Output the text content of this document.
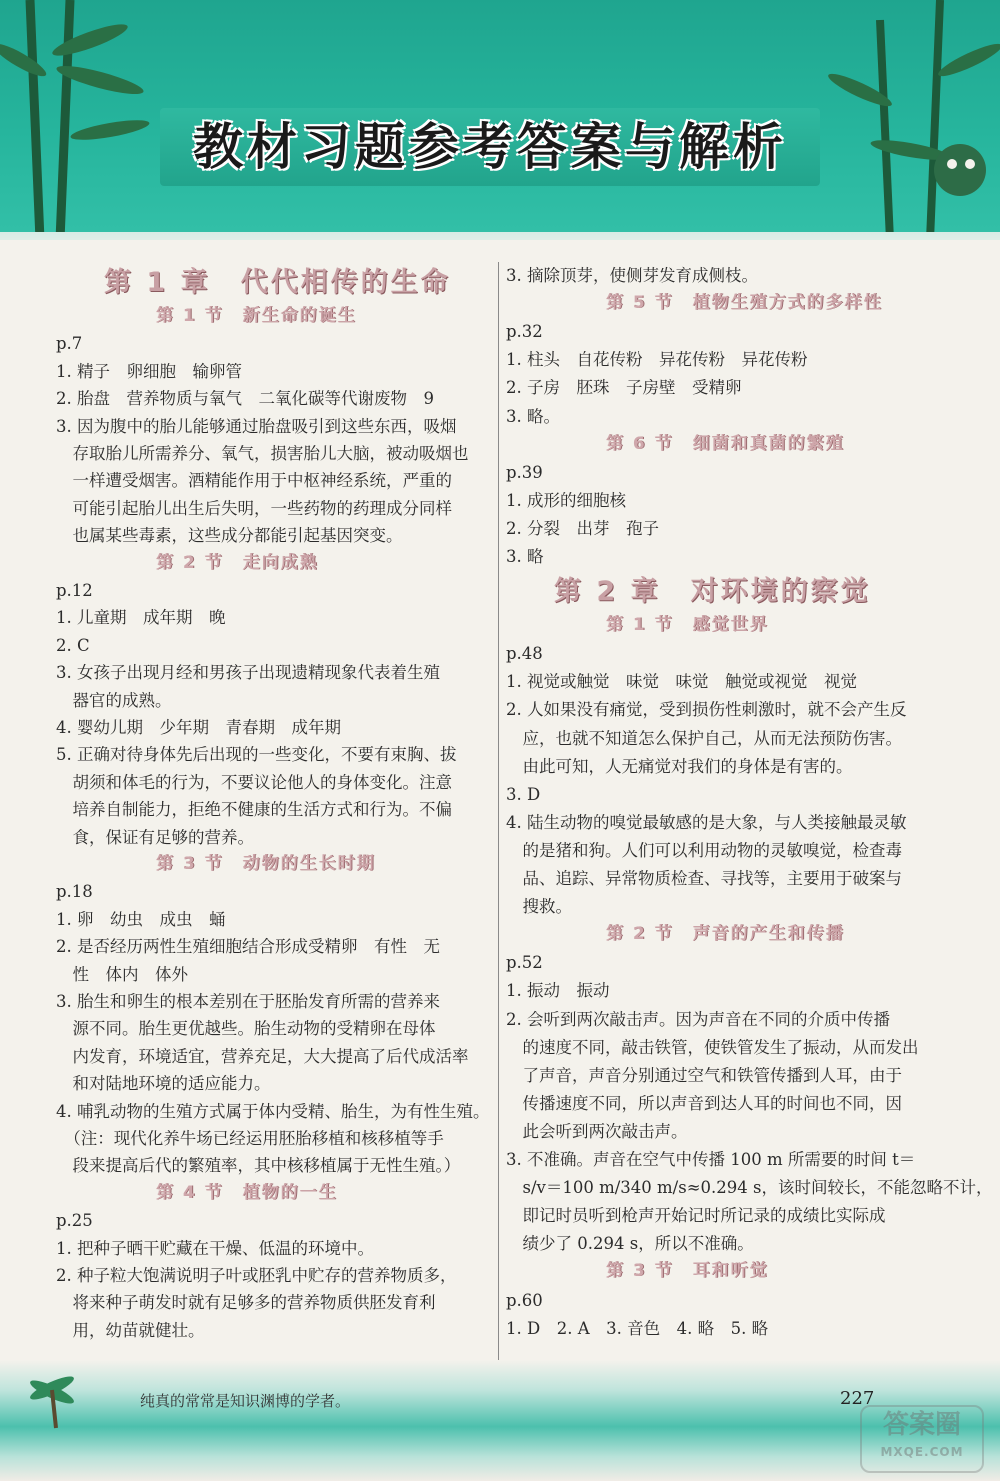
教材习题参考答案与解析
第 1 章　代代相传的生命
第 1 节　新生命的诞生
p.7
1. 精子　卵细胞　输卵管
2. 胎盘　营养物质与氧气　二氧化碳等代谢废物　9
3. 因为腹中的胎儿能够通过胎盘吸引到这些东西，吸烟
　存取胎儿所需养分、氧气，损害胎儿大脑，被动吸烟也
　一样遭受烟害。酒精能作用于中枢神经系统，严重的
　可能引起胎儿出生后失明，一些药物的药理成分同样
　也属某些毒素，这些成分都能引起基因突变。
第 2 节　走向成熟
p.12
1. 儿童期　成年期　晚
2. C
3. 女孩子出现月经和男孩子出现遗精现象代表着生殖
　器官的成熟。
4. 婴幼儿期　少年期　青春期　成年期
5. 正确对待身体先后出现的一些变化，不要有束胸、拔
　胡须和体毛的行为，不要议论他人的身体变化。注意
　培养自制能力，拒绝不健康的生活方式和行为。不偏
　食，保证有足够的营养。
第 3 节　动物的生长时期
p.18
1. 卵　幼虫　成虫　蛹
2. 是否经历两性生殖细胞结合形成受精卵　有性　无
　性　体内　体外
3. 胎生和卵生的根本差别在于胚胎发育所需的营养来
　源不同。胎生更优越些。胎生动物的受精卵在母体
　内发育，环境适宜，营养充足，大大提高了后代成活率
　和对陆地环境的适应能力。
4. 哺乳动物的生殖方式属于体内受精、胎生，为有性生殖。
　（注：现代化养牛场已经运用胚胎移植和核移植等手
　段来提高后代的繁殖率，其中核移植属于无性生殖。）
第 4 节　植物的一生
p.25
1. 把种子晒干贮藏在干燥、低温的环境中。
2. 种子粒大饱满说明子叶或胚乳中贮存的营养物质多，
　将来种子萌发时就有足够多的营养物质供胚发育利
　用，幼苗就健壮。
3. 摘除顶芽，使侧芽发育成侧枝。
第 5 节　植物生殖方式的多样性
p.32
1. 柱头　自花传粉　异花传粉　异花传粉
2. 子房　胚珠　子房壁　受精卵
3. 略。
第 6 节　细菌和真菌的繁殖
p.39
1. 成形的细胞核
2. 分裂　出芽　孢子
3. 略
第 2 章　对环境的察觉
第 1 节　感觉世界
p.48
1. 视觉或触觉　味觉　味觉　触觉或视觉　视觉
2. 人如果没有痛觉，受到损伤性刺激时，就不会产生反
　应，也就不知道怎么保护自己，从而无法预防伤害。
　由此可知，人无痛觉对我们的身体是有害的。
3. D
4. 陆生动物的嗅觉最敏感的是大象，与人类接触最灵敏
　的是猪和狗。人们可以利用动物的灵敏嗅觉，检查毒
　品、追踪、异常物质检查、寻找等，主要用于破案与
　搜救。
第 2 节　声音的产生和传播
p.52
1. 振动　振动
2. 会听到两次敲击声。因为声音在不同的介质中传播
　的速度不同，敲击铁管，使铁管发生了振动，从而发出
　了声音，声音分别通过空气和铁管传播到人耳，由于
　传播速度不同，所以声音到达人耳的时间也不同，因
　此会听到两次敲击声。
3. 不准确。声音在空气中传播 100 m 所需要的时间 t＝
　s/v＝100 m/340 m/s≈0.294 s，该时间较长，不能忽略不计，
　即记时员听到枪声开始记时所记录的成绩比实际成
　绩少了 0.294 s，所以不准确。
第 3 节　耳和听觉
p.60
1. D　2. A　3. 音色　4. 略　5. 略
纯真的常常是知识渊博的学者。	227
答案圈
MXQE.COM
